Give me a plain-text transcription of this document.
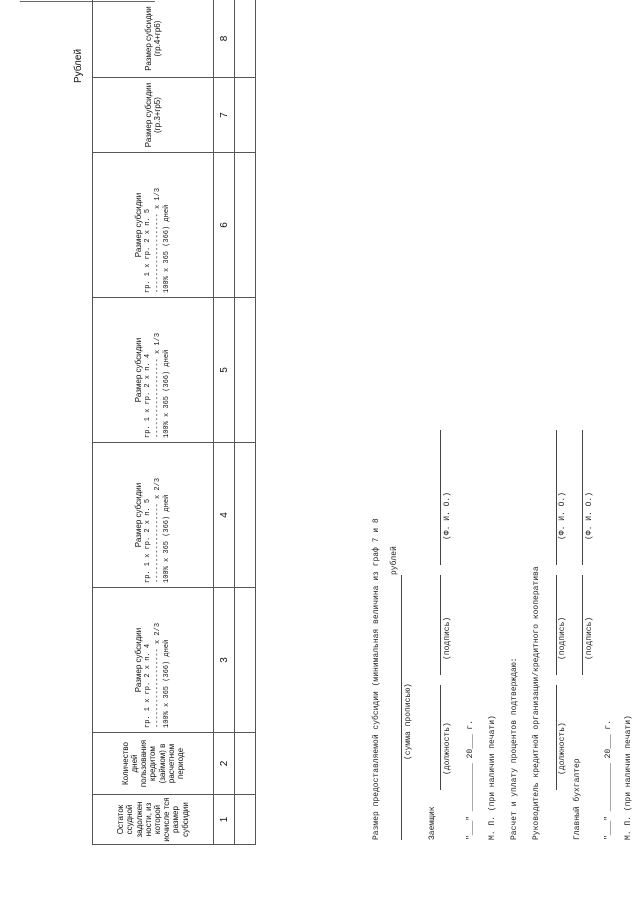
Рублей
Остаток ссудной задолжен ности, из которой исчисле тся размер субсидии	Количество дней пользования кредитом (займом) в расчетном периоде	Размер субсидии гр. 1 х гр. 2 х п. 4 ------------------- х 2/3 100% х 365 (366) дней	Размер субсидии гр. 1 х гр. 2 х п. 5 ------------------- х 2/3 100% х 365 (366) дней	Размер субсидии гр. 1 х гр. 2 х п. 4 ------------------- х 1/3 100% х 365 (366) дней	Размер субсидии гр. 1 х гр. 2 х п. 5 ------------------- х 1/3 100% х 365 (366) дней	Размер субсидии (гр.3+гр5)	Размер субсидии (гр.4+гр6)
1	2	3	4	5	6	7	8

Размер предоставляемой субсидии (минимальная величина из граф 7 и 8 рублей
(сумма прописью)
Заемщик
(должность)
(подпись)
(Ф. И. О.)
"___" __________ 20___ г. М. П. (при наличии печати) Расчет и уплату процентов подтверждаю: Руководитель кредитной организации/кредитного кооператива (должность)
(подпись)
(Ф. И. О.)
Главный бухгалтер
(подпись)
(Ф. И. О.)
"___" __________ 20___ г. М. П. (при наличии печати)
